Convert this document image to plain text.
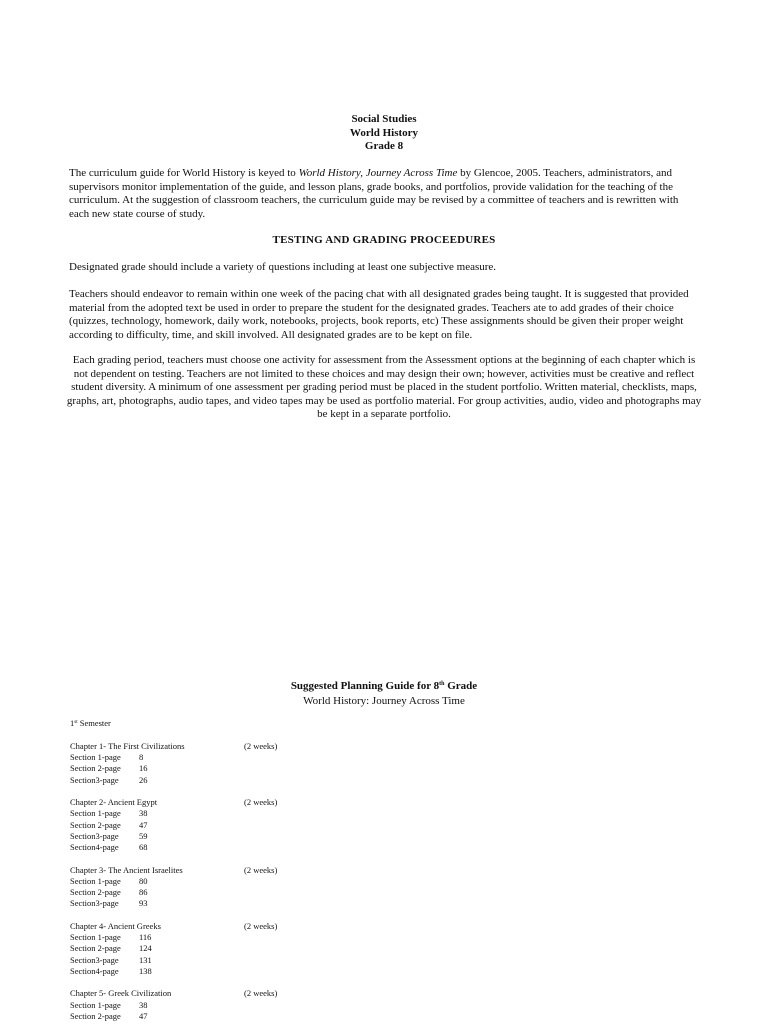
Social Studies
World History
Grade 8
The curriculum guide for World History is keyed to World History, Journey Across Time by Glencoe, 2005. Teachers, administrators, and supervisors monitor implementation of the guide, and lesson plans, grade books, and portfolios, provide validation for the teaching of the curriculum. At the suggestion of classroom teachers, the curriculum guide may be revised by a committee of teachers and is rewritten with each new state course of study.
TESTING AND GRADING PROCEEDURES
Designated grade should include a variety of questions including at least one subjective measure.
Teachers should endeavor to remain within one week of the pacing chat with all designated grades being taught. It is suggested that provided material from the adopted text be used in order to prepare the student for the designated grades. Teachers ate to add grades of their choice (quizzes, technology, homework, daily work, notebooks, projects, book reports, etc) These assignments should be given their proper weight according to difficulty, time, and skill involved. All designated grades are to be kept on file.
Each grading period, teachers must choose one activity for assessment from the Assessment options at the beginning of each chapter which is not dependent on testing. Teachers are not limited to these choices and may design their own; however, activities must be creative and reflect student diversity. A minimum of one assessment per grading period must be placed in the student portfolio. Written material, checklists, maps, graphs, art, photographs, audio tapes, and video tapes may be used as portfolio material. For group activities, audio, video and photographs may be kept in a separate portfolio.
Suggested Planning Guide for 8th Grade
World History: Journey Across Time
1st Semester
Chapter 1- The First Civilizations	(2 weeks)
Section 1-page 8
Section 2-page 16
Section3-page 26
Chapter 2- Ancient Egypt	(2 weeks)
Section 1-page 38
Section 2-page 47
Section3-page 59
Section4-page 68
Chapter 3- The Ancient Israelites	(2 weeks)
Section 1-page 80
Section 2-page 86
Section3-page 93
Chapter 4- Ancient Greeks	(2 weeks)
Section 1-page 116
Section 2-page 124
Section3-page 131
Section4-page 138
Chapter 5- Greek Civilization	(2 weeks)
Section 1-page 38
Section 2-page 47
